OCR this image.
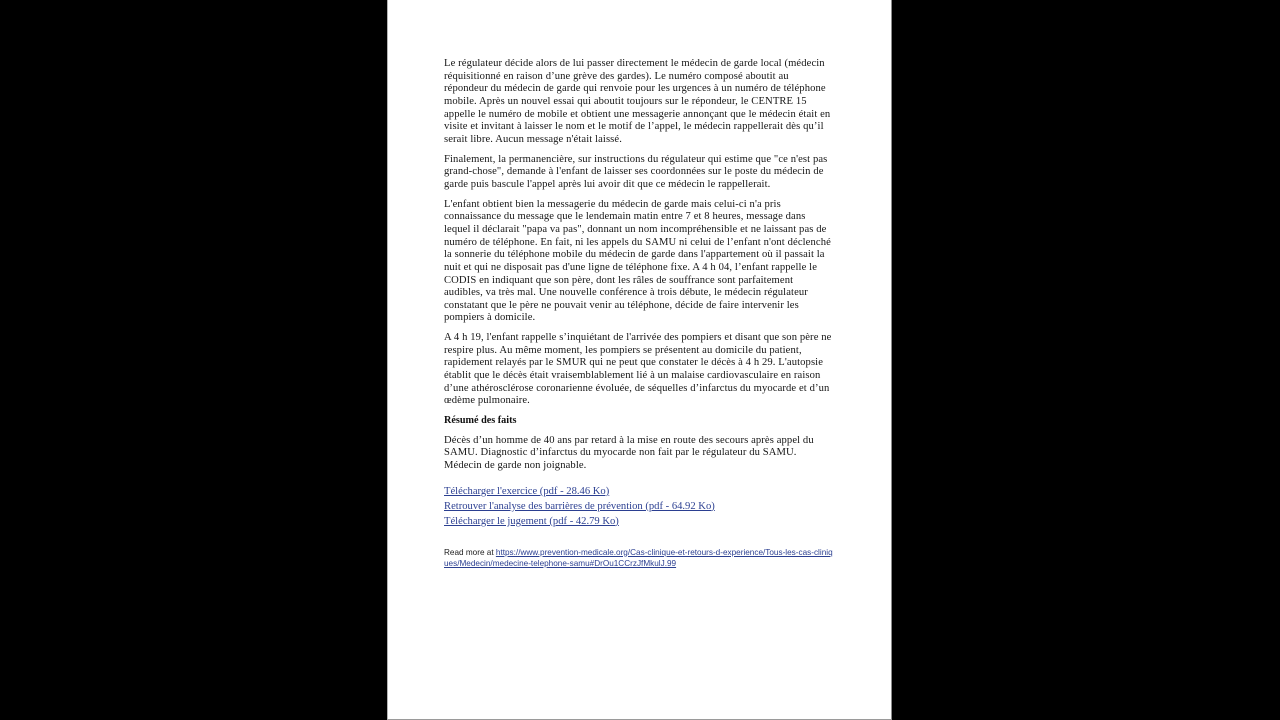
Le régulateur décide alors de lui passer directement le médecin de garde local (médecin réquisitionné en raison d’une grève des gardes). Le numéro composé aboutit au répondeur du médecin de garde qui renvoie pour les urgences à un numéro de téléphone mobile. Après un nouvel essai qui aboutit toujours sur le répondeur, le CENTRE 15 appelle le numéro de mobile et obtient une messagerie annonçant que le médecin était en visite et invitant à laisser le nom et le motif de l’appel, le médecin rappellerait dès qu’il serait libre. Aucun message n'était laissé.

Finalement, la permanencière, sur instructions du régulateur qui estime que "ce n'est pas grand-chose", demande à l'enfant de laisser ses coordonnées sur le poste du médecin de garde puis bascule l'appel après lui avoir dit que ce médecin le rappellerait.

L'enfant obtient bien la messagerie du médecin de garde mais celui-ci n'a pris connaissance du message que le lendemain matin entre 7 et 8 heures, message dans lequel il déclarait "papa va pas", donnant un nom incompréhensible et ne laissant pas de numéro de téléphone. En fait, ni les appels du SAMU ni celui de l’enfant n'ont déclenché la sonnerie du téléphone mobile du médecin de garde dans l'appartement où il passait la nuit et qui ne disposait pas d'une ligne de téléphone fixe. A 4 h 04, l’enfant rappelle le CODIS en indiquant que son père, dont les râles de souffrance sont parfaitement audibles, va très mal. Une nouvelle conférence à trois débute, le médecin régulateur constatant que le père ne pouvait venir au téléphone, décide de faire intervenir les pompiers à domicile.

A 4 h 19, l'enfant rappelle s’inquiétant de l'arrivée des pompiers et disant que son père ne respire plus. Au même moment, les pompiers se présentent au domicile du patient, rapidement relayés par le SMUR qui ne peut que constater le décès à 4 h 29. L'autopsie établit que le décès était vraisemblablement lié à un malaise cardiovasculaire en raison d’une athérosclérose coronarienne évoluée, de séquelles d’infarctus du myocarde et d’un œdème pulmonaire.

Résumé des faits

Décès d’un homme de 40 ans par retard à la mise en route des secours après appel du SAMU. Diagnostic d’infarctus du myocarde non fait par le régulateur du SAMU. Médecin de garde non joignable.

Télécharger l'exercice (pdf - 28.46 Ko)
Retrouver l'analyse des barrières de prévention (pdf - 64.92 Ko)
Télécharger le jugement (pdf - 42.79 Ko)
Read more at https://www.prevention-medicale.org/Cas-clinique-et-retours-d-experience/Tous-les-cas-cliniques/Medecin/medecine-telephone-samu#DrOu1CCrzJfMkulJ.99
